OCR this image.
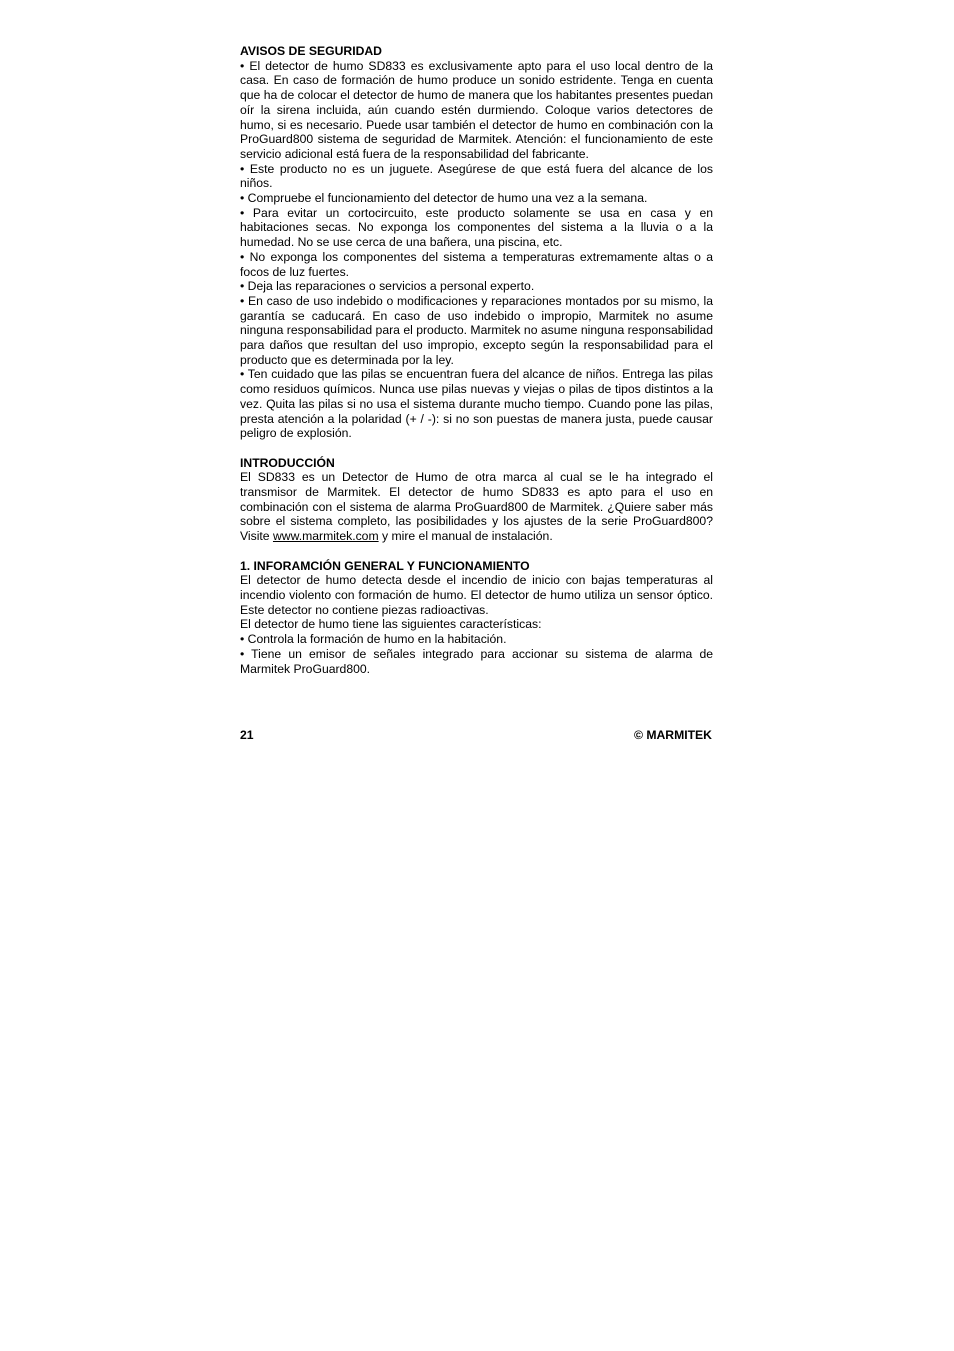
AVISOS DE SEGURIDAD
• El detector de humo SD833 es exclusivamente apto para el uso local dentro de la casa. En caso de formación de humo produce un sonido estridente. Tenga en cuenta que ha de colocar el detector de humo de manera que los habitantes presentes puedan oír la sirena incluida, aún cuando estén durmiendo. Coloque varios detectores de humo, si es necesario. Puede usar también el detector de humo en combinación con la ProGuard800 sistema de seguridad de Marmitek. Atención: el funcionamiento de este servicio adicional está fuera de la responsabilidad del fabricante.
• Este producto no es un juguete. Asegúrese de que está fuera del alcance de los niños.
• Compruebe el funcionamiento del detector de humo una vez a la semana.
• Para evitar un cortocircuito, este producto solamente se usa en casa y en habitaciones secas. No exponga los componentes del sistema a la lluvia o a la humedad. No se use cerca de una bañera, una piscina, etc.
• No exponga los componentes del sistema a temperaturas extremamente altas o a focos de luz fuertes.
• Deja las reparaciones o servicios a personal experto.
• En caso de uso indebido o modificaciones y reparaciones montados por su mismo, la garantía se caducará. En caso de uso indebido o impropio, Marmitek no asume ninguna responsabilidad para el producto. Marmitek no asume ninguna responsabilidad para daños que resultan del uso impropio, excepto según la responsabilidad para el producto que es determinada por la ley.
• Ten cuidado que las pilas se encuentran fuera del alcance de niños. Entrega las pilas como residuos químicos. Nunca use pilas nuevas y viejas o pilas de tipos distintos a la vez. Quita las pilas si no usa el sistema durante mucho tiempo. Cuando pone las pilas, presta atención a la polaridad (+ / -): si no son puestas de manera justa, puede causar peligro de explosión.
INTRODUCCIÓN
El SD833 es un Detector de Humo de otra marca al cual se le ha integrado el transmisor de Marmitek. El detector de humo SD833 es apto para el uso en combinación con el sistema de alarma ProGuard800 de Marmitek. ¿Quiere saber más sobre el sistema completo, las posibilidades y los ajustes de la serie ProGuard800? Visite www.marmitek.com y mire el manual de instalación.
1. INFORAMCIÓN GENERAL Y FUNCIONAMIENTO
El detector de humo detecta desde el incendio de inicio con bajas temperaturas al incendio violento con formación de humo. El detector de humo utiliza un sensor óptico. Este detector no contiene piezas radioactivas.
El detector de humo tiene las siguientes características:
• Controla la formación de humo en la habitación.
• Tiene un emisor de señales integrado para accionar su sistema de alarma de Marmitek ProGuard800.
21	© MARMITEK
